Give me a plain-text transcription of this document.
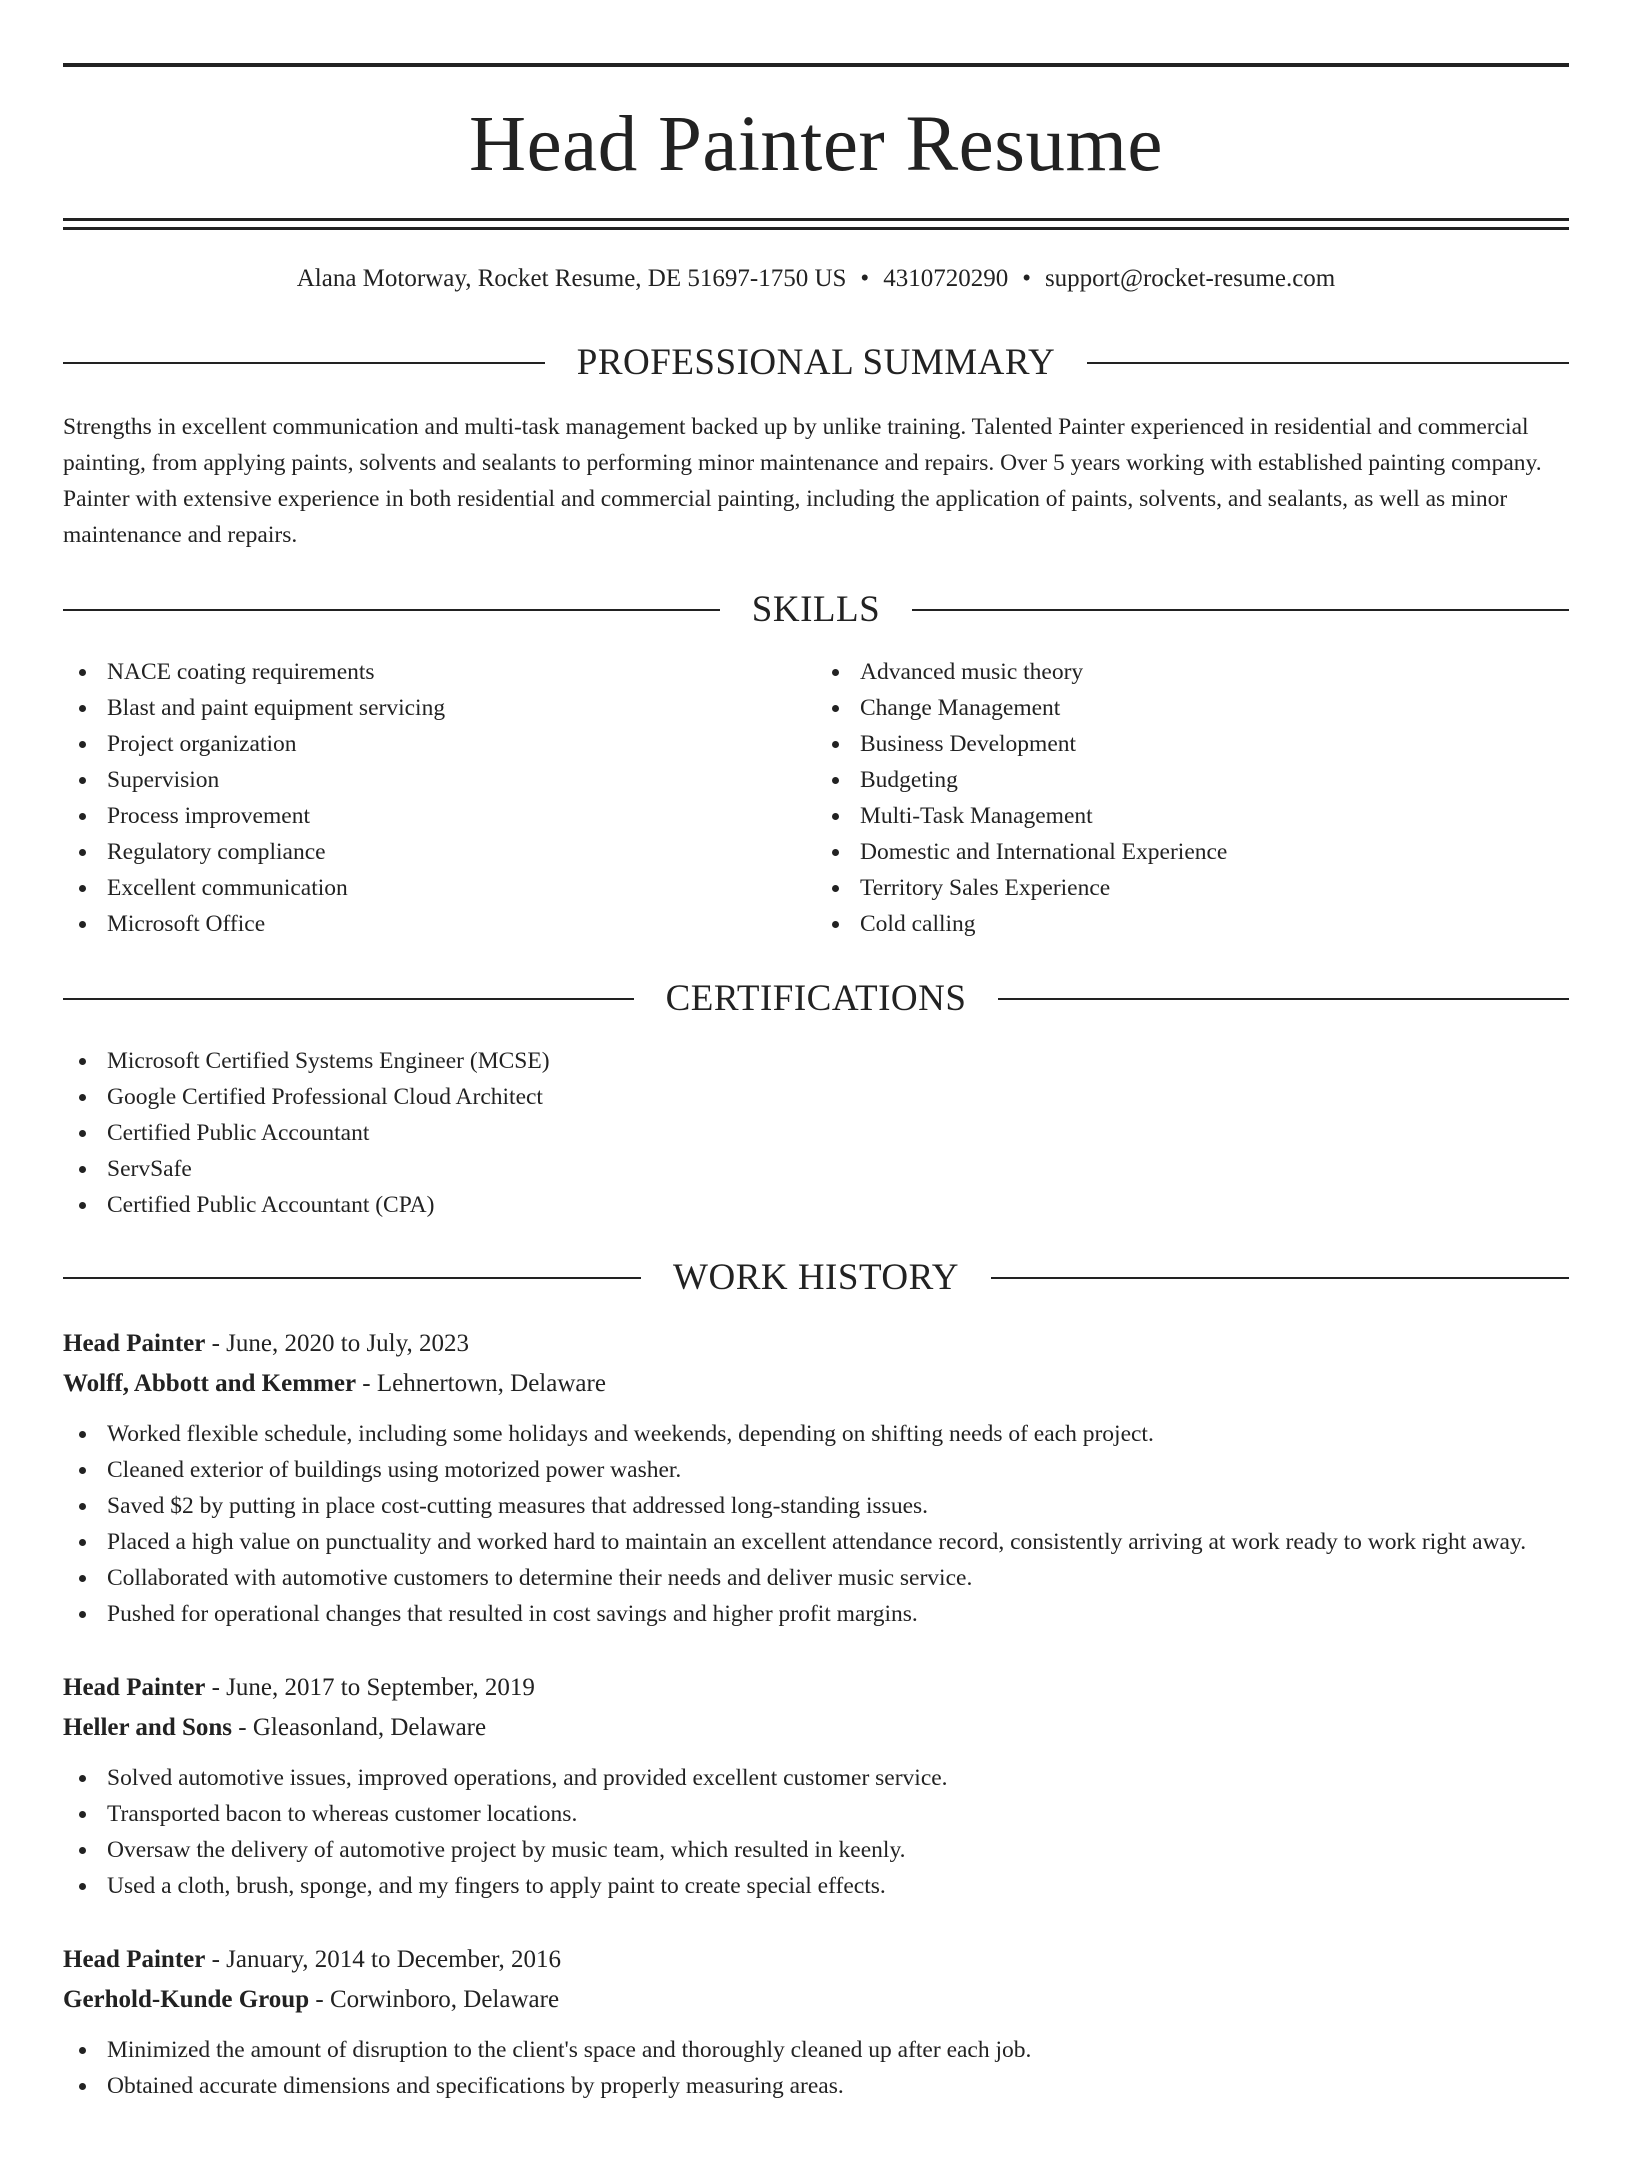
Head Painter Resume
Alana Motorway, Rocket Resume, DE 51697-1750 US • 4310720290 • support@rocket-resume.com
PROFESSIONAL SUMMARY

Strengths in excellent communication and multi-task management backed up by unlike training. Talented Painter experienced in residential and commercial painting, from applying paints, solvents and sealants to performing minor maintenance and repairs. Over 5 years working with established painting company. Painter with extensive experience in both residential and commercial painting, including the application of paints, solvents, and sealants, as well as minor maintenance and repairs.

SKILLS
NACE coating requirements
Blast and paint equipment servicing
Project organization
Supervision
Process improvement
Regulatory compliance
Excellent communication
Microsoft Office
Advanced music theory
Change Management
Business Development
Budgeting
Multi-Task Management
Domestic and International Experience
Territory Sales Experience
Cold calling
CERTIFICATIONS
Microsoft Certified Systems Engineer (MCSE)
Google Certified Professional Cloud Architect
Certified Public Accountant
ServSafe
Certified Public Accountant (CPA)
WORK HISTORY
Head Painter - June, 2020 to July, 2023
Wolff, Abbott and Kemmer - Lehnertown, Delaware
Worked flexible schedule, including some holidays and weekends, depending on shifting needs of each project.
Cleaned exterior of buildings using motorized power washer.
Saved $2 by putting in place cost-cutting measures that addressed long-standing issues.
Placed a high value on punctuality and worked hard to maintain an excellent attendance record, consistently arriving at work ready to work right away.
Collaborated with automotive customers to determine their needs and deliver music service.
Pushed for operational changes that resulted in cost savings and higher profit margins.
Head Painter - June, 2017 to September, 2019
Heller and Sons - Gleasonland, Delaware
Solved automotive issues, improved operations, and provided excellent customer service.
Transported bacon to whereas customer locations.
Oversaw the delivery of automotive project by music team, which resulted in keenly.
Used a cloth, brush, sponge, and my fingers to apply paint to create special effects.
Head Painter - January, 2014 to December, 2016
Gerhold-Kunde Group - Corwinboro, Delaware
Minimized the amount of disruption to the client's space and thoroughly cleaned up after each job.
Obtained accurate dimensions and specifications by properly measuring areas.
